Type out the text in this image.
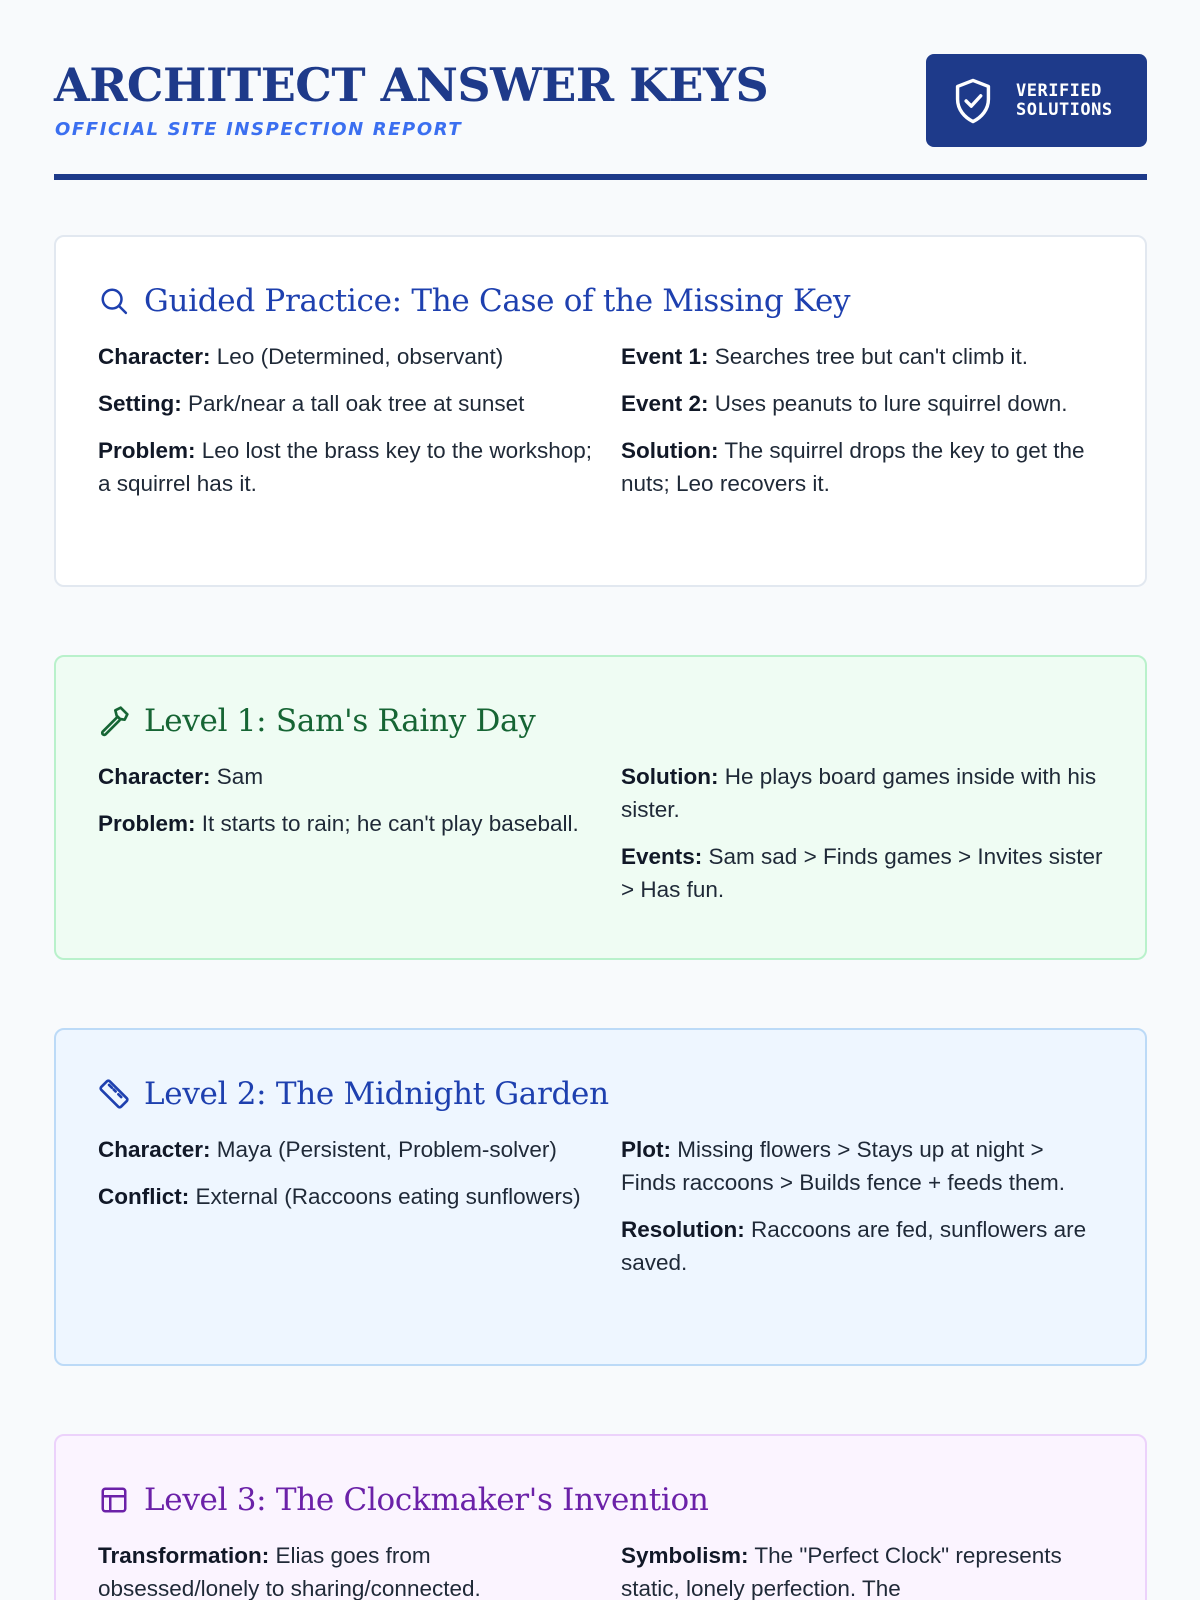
ARCHITECT ANSWER KEYS
OFFICIAL SITE INSPECTION REPORT
VERIFIED
SOLUTIONS
Guided Practice: The Case of the Missing Key
Character: Leo (Determined, observant)
Setting: Park/near a tall oak tree at sunset
Problem: Leo lost the brass key to the workshop; a squirrel has it.
Event 1: Searches tree but can't climb it.
Event 2: Uses peanuts to lure squirrel down.
Solution: The squirrel drops the key to get the nuts; Leo recovers it.
Level 1: Sam's Rainy Day
Character: Sam
Problem: It starts to rain; he can't play baseball.
Solution: He plays board games inside with his sister.
Events: Sam sad > Finds games > Invites sister > Has fun.
Level 2: The Midnight Garden
Character: Maya (Persistent, Problem-solver)
Conflict: External (Raccoons eating sunflowers)
Plot: Missing flowers > Stays up at night > Finds raccoons > Builds fence + feeds them.
Resolution: Raccoons are fed, sunflowers are saved.
Level 3: The Clockmaker's Invention
Transformation: Elias goes from obsessed/lonely to sharing/connected.
Symbolism: The "Perfect Clock" represents static, lonely perfection. The
